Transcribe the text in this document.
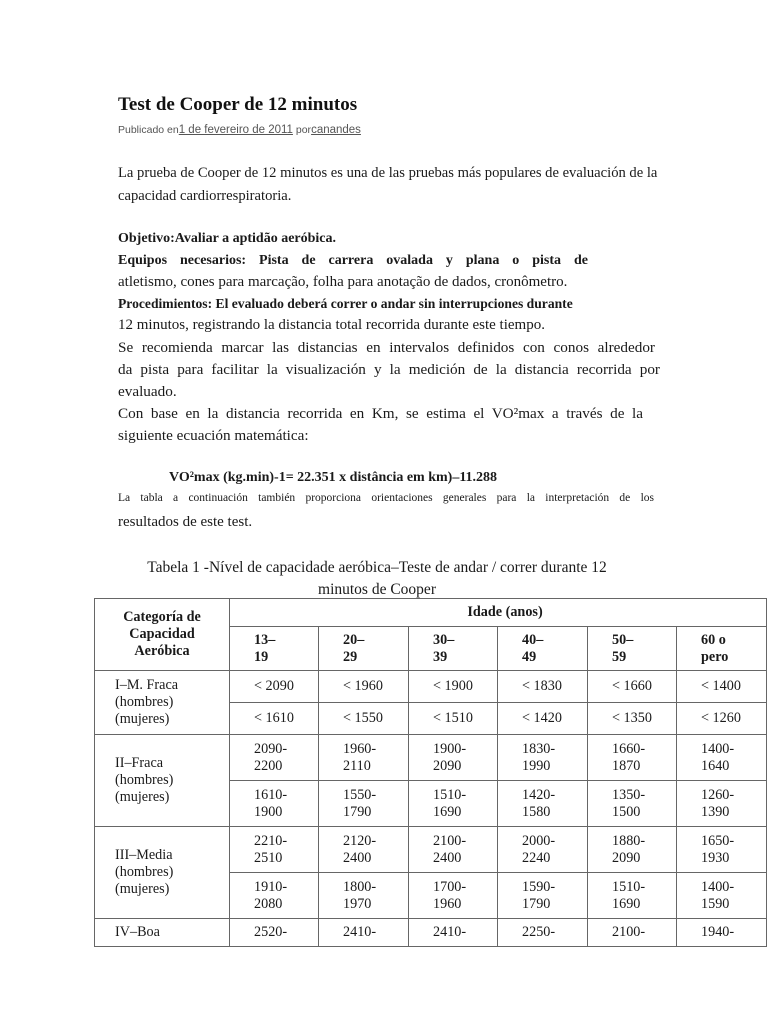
Test de Cooper de 12 minutos
Publicado en1 de fevereiro de 2011 porcanandes
La prueba de Cooper de 12 minutos es una de las pruebas más populares de evaluación de la capacidad cardiorrespiratoria.
Objetivo:Avaliar a aptidão aeróbica.
Equipos necesarios: Pista de carrera ovalada y plana o pista de
atletismo, cones para marcação, folha para anotação de dados, cronômetro.
Procedimientos: El evaluado deberá correr o andar sin interrupciones durante
12 minutos, registrando la distancia total recorrida durante este tiempo.
Se recomienda marcar las distancias en intervalos definidos con conos alrededor
da pista para facilitar la visualización y la medición de la distancia recorrida por
evaluado.
Con base en la distancia recorrida en Km, se estima el VO²max a través de la
siguiente ecuación matemática:
VO²max (kg.min)-1= 22.351 x distância em km)–11.288
La tabla a continuación también proporciona orientaciones generales para la interpretación de los
resultados de este test.
Tabela 1 -Nível de capacidade aeróbica–Teste de andar / correr durante 12
minutos de Cooper
Categoría de
Capacidad
Aeróbica	Idade (anos)					

	13–
19	20–
29	30–
39	40–
49	50–
59	60 o
pero

I–M. Fraca
(hombres)
(mujeres)	< 2090	< 1960	< 1900	< 1830	< 1660	< 1400

	< 1610	< 1550	< 1510	< 1420	< 1350	< 1260

II–Fraca
(hombres)
(mujeres)	2090-
2200	1960-
2110	1900-
2090	1830-
1990	1660-
1870	1400-
1640

	1610-
1900	1550-
1790	1510-
1690	1420-
1580	1350-
1500	1260-
1390

III–Media
(hombres)
(mujeres)	2210-
2510	2120-
2400	2100-
2400	2000-
2240	1880-
2090	1650-
1930

	1910-
2080	1800-
1970	1700-
1960	1590-
1790	1510-
1690	1400-
1590

IV–Boa	2520-	2410-	2410-	2250-	2100-	1940-
